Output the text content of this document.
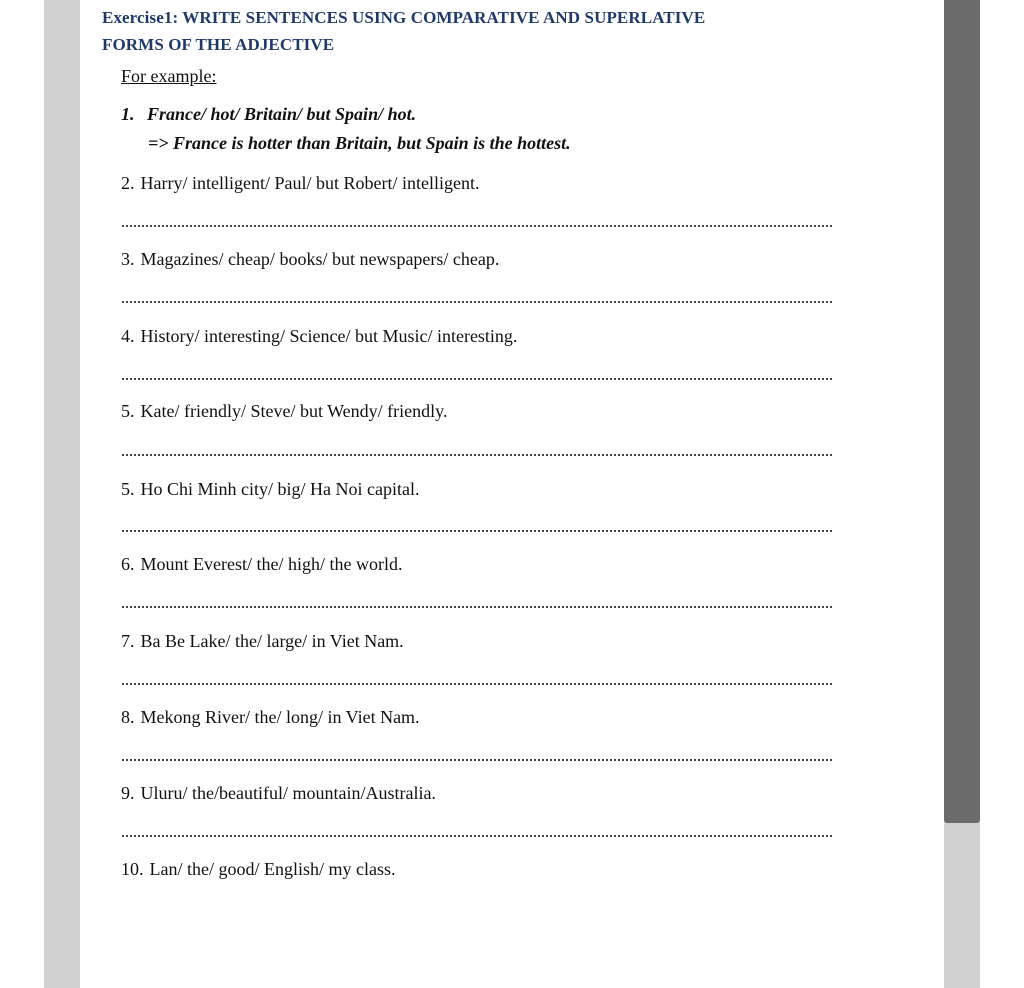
Exercise1: WRITE SENTENCES USING COMPARATIVE AND SUPERLATIVE FORMS OF THE ADJECTIVE
For example:
1. France/ hot/ Britain/ but Spain/ hot.
=> France is hotter than Britain, but Spain is the hottest.
2. Harry/ intelligent/ Paul/ but Robert/ intelligent.
3. Magazines/ cheap/ books/ but newspapers/ cheap.
4. History/ interesting/ Science/ but Music/ interesting.
5. Kate/ friendly/ Steve/ but Wendy/ friendly.
5. Ho Chi Minh city/ big/ Ha Noi capital.
6. Mount Everest/ the/ high/ the world.
7. Ba Be Lake/ the/ large/ in Viet Nam.
8. Mekong River/ the/ long/ in Viet Nam.
9. Uluru/ the/beautiful/ mountain/Australia.
10. Lan/ the/ good/ English/ my class.
